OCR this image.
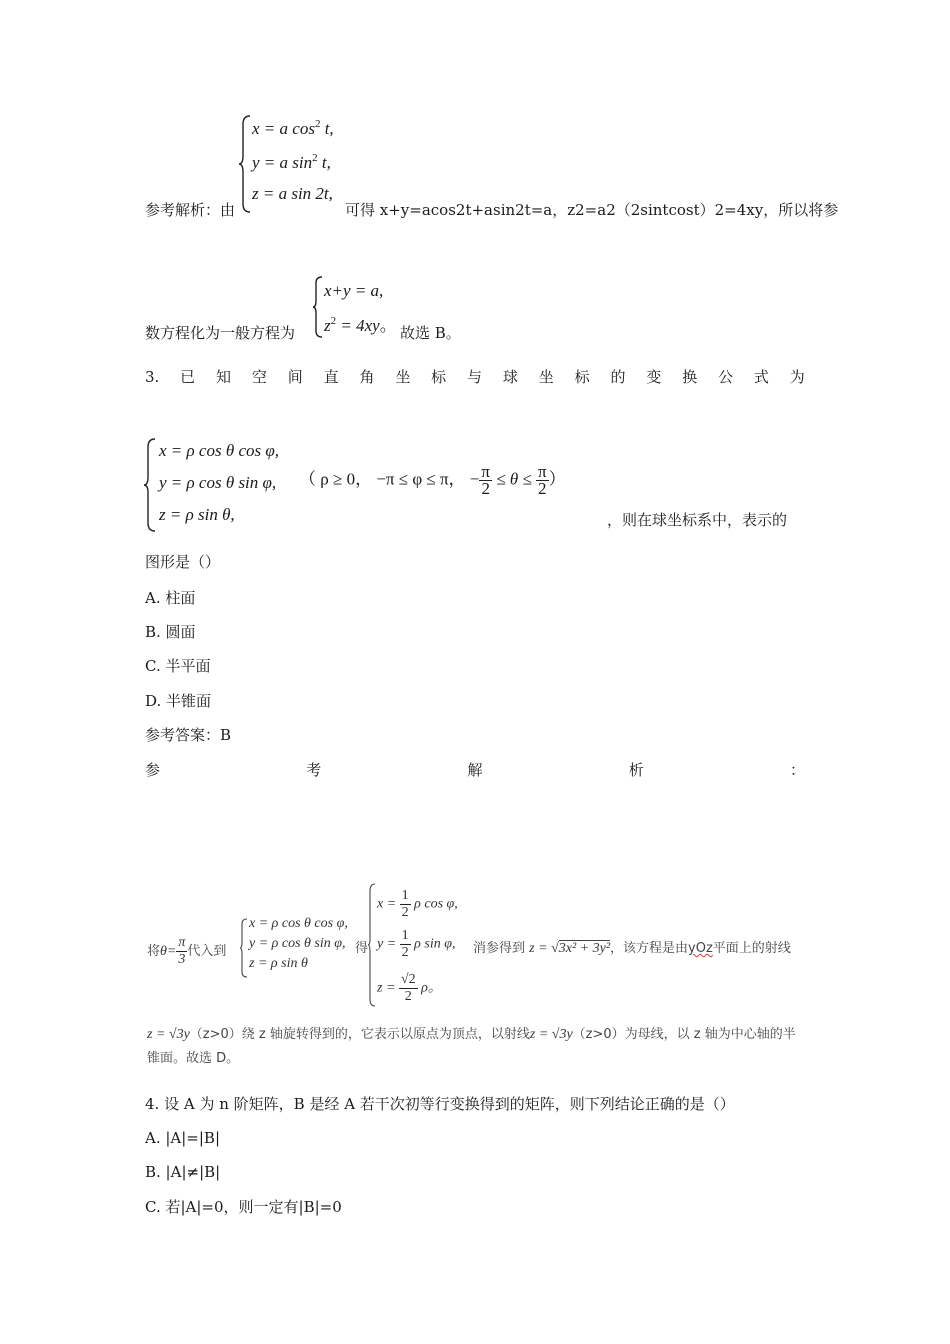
x = a $\cos^2 t$,
y = a $\sin^2 t$,
z = a sin 2t,
参考解析：由	可得 x+y=acos2t+asin2t=a，z2=a2（2sintcost）2=4xy，所以将参
x+y = a,
$z^2 = 4xy$。
数方程化为一般方程为	故选 B。
3. 已 知 空 间 直 角 坐 标 与 球 坐 标 的 变 换 公 式 为
x = ρ cos θ cos φ,
y = ρ cos θ sin φ,
z = ρ sin θ,
（ ρ ≥ 0， −π ≤ φ ≤ π， − $\frac{\pi}{2} \le \theta \le \frac{\pi}{2}$ ）
，则在球坐标系中，表示的
图形是（）
A. 柱面
B. 圆面
C. 半平面
D. 半锥面
参考答案：B
参	考	解	析	：
将$\theta= \frac{\pi}{3}$ 代入到
x = ρ cos θ cos φ,
y = ρ cos θ sin φ,
z = ρ sin θ
得
$x = \frac{1}{2}$ ρ cos φ,
$y = \frac{1}{2}$ ρ sin φ,
$z = \frac{√2}{2}$ ρ。
消参得到 z = √3x² + 3y²，该方程是由yOz平面上的射线
z = √3y（z>0）绕 z 轴旋转得到的，它表示以原点为顶点，以射线z = √3y（z>0）为母线，以 z 轴为中心轴的半
锥面。故选 D。
4. 设 A 为 n 阶矩阵，B 是经 A 若干次初等行变换得到的矩阵，则下列结论正确的是（）
A. |A|=|B|
B. |A|≠|B|
C. 若|A|=0，则一定有|B|=0
